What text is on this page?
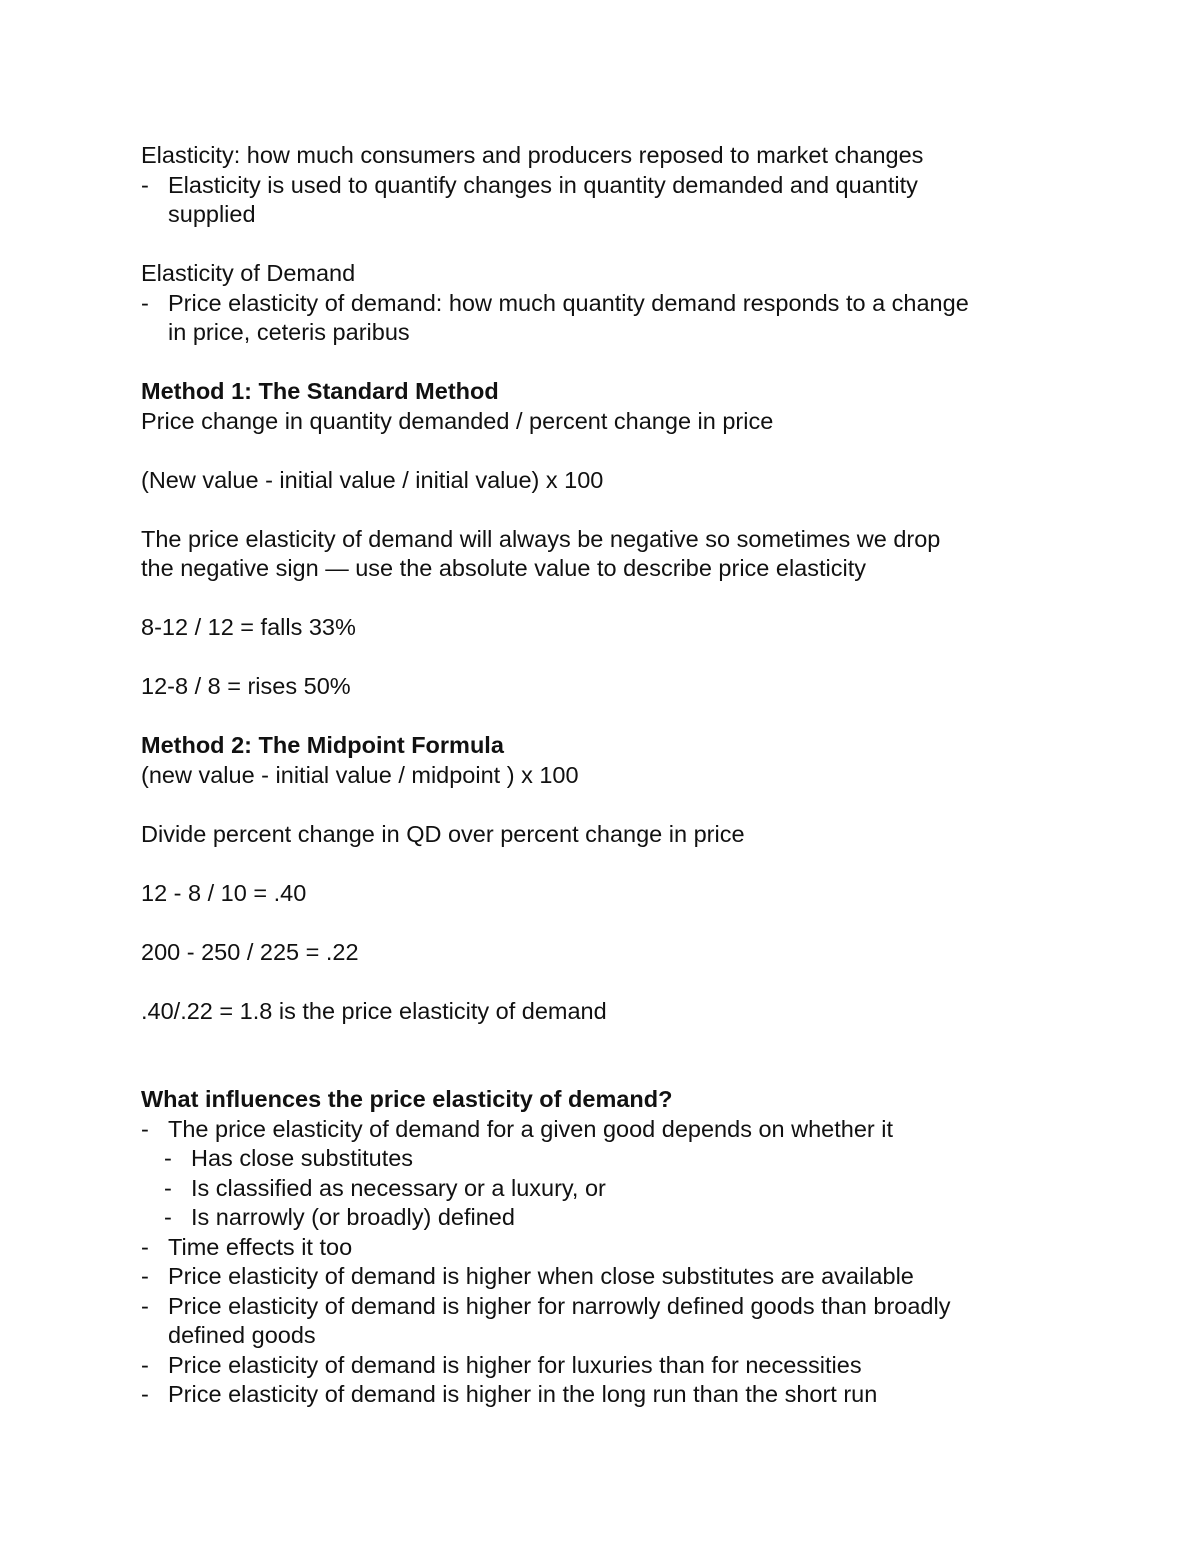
Elasticity: how much consumers and producers reposed to market changes

- Elasticity is used to quantify changes in quantity demanded and quantity
supplied

Elasticity of Demand

- Price elasticity of demand: how much quantity demand responds to a change
in price, ceteris paribus

Method 1: The Standard Method

Price change in quantity demanded / percent change in price

(New value - initial value / initial value) x 100

The price elasticity of demand will always be negative so sometimes we drop

the negative sign — use the absolute value to describe price elasticity

8-12 / 12 = falls 33%

12-8 / 8 = rises 50%

Method 2: The Midpoint Formula

(new value - initial value / midpoint ) x 100

Divide percent change in QD over percent change in price

12 - 8 / 10 = .40

200 - 250 / 225 = .22

.40/.22 = 1.8 is the price elasticity of demand

What influences the price elasticity of demand?

- The price elasticity of demand for a given good depends on whether it
- Has close substitutes
- Is classified as necessary or a luxury, or
- Is narrowly (or broadly) defined
- Time effects it too
- Price elasticity of demand is higher when close substitutes are available
- Price elasticity of demand is higher for narrowly defined goods than broadly
defined goods
- Price elasticity of demand is higher for luxuries than for necessities
- Price elasticity of demand is higher in the long run than the short run
